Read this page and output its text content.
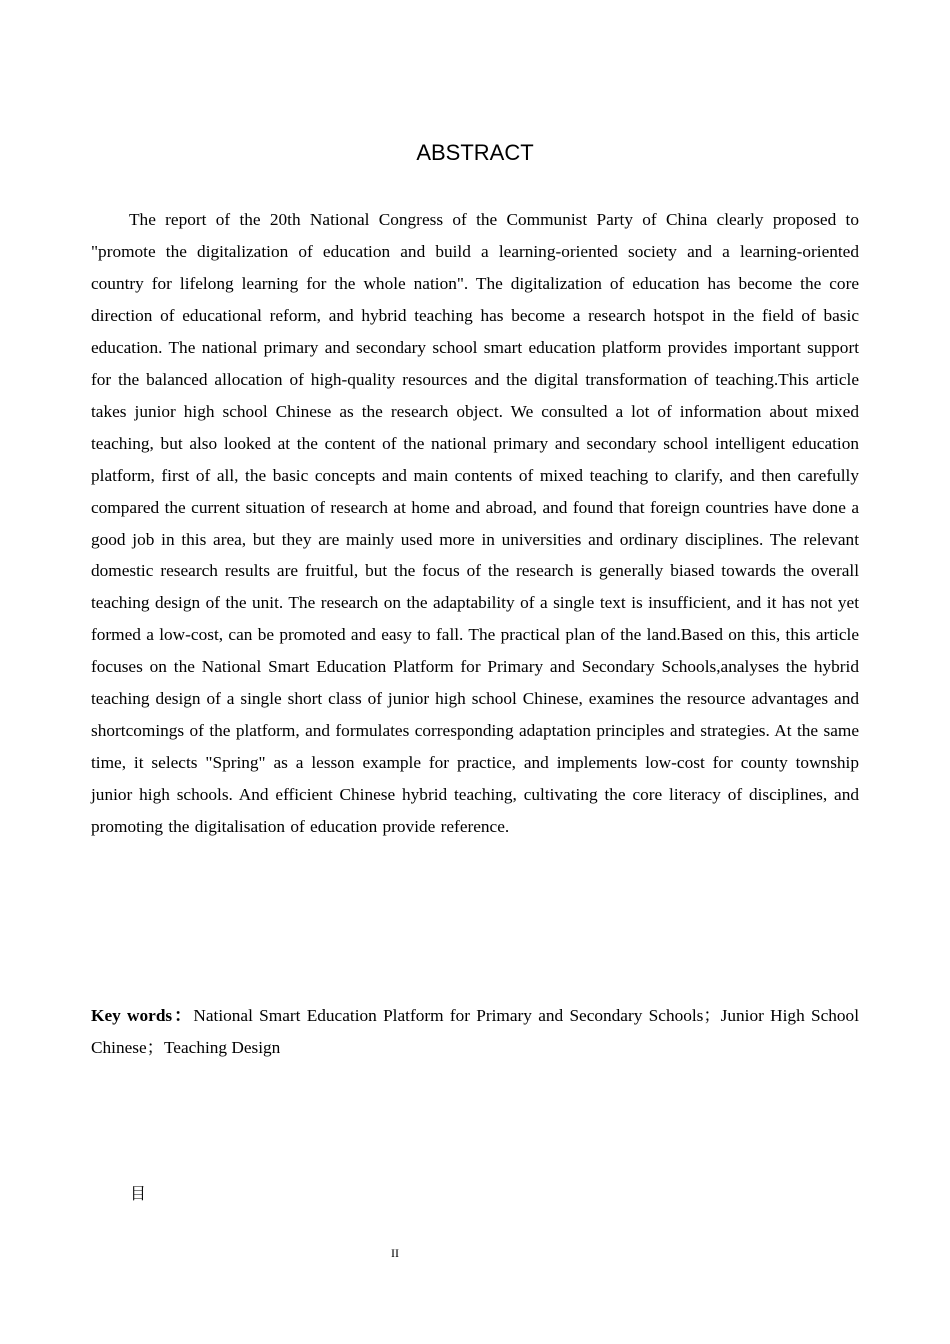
ABSTRACT

The report of the 20th National Congress of the Communist Party of China clearly proposed to "promote the digitalization of education and build a learning-oriented society and a learning-oriented country for lifelong learning for the whole nation". The digitalization of education has become the core direction of educational reform, and hybrid teaching has become a research hotspot in the field of basic education. The national primary and secondary school smart education platform provides important support for the balanced allocation of high-quality resources and the digital transformation of teaching.This article takes junior high school Chinese as the research object. We consulted a lot of information about mixed teaching, but also looked at the content of the national primary and secondary school intelligent education platform, first of all, the basic concepts and main contents of mixed teaching to clarify, and then carefully compared the current situation of research at home and abroad, and found that foreign countries have done a good job in this area, but they are mainly used more in universities and ordinary disciplines. The relevant domestic research results are fruitful, but the focus of the research is generally biased towards the overall teaching design of the unit. The research on the adaptability of a single text is insufficient, and it has not yet formed a low-cost, can be promoted and easy to fall. The practical plan of the land.Based on this, this article focuses on the National Smart Education Platform for Primary and Secondary Schools,analyses the hybrid teaching design of a single short class of junior high school Chinese, examines the resource advantages and shortcomings of the platform, and formulates corresponding adaptation principles and strategies. At the same time, it selects "Spring" as a lesson example for practice, and implements low-cost for county township junior high schools. And efficient Chinese hybrid teaching, cultivating the core literacy of disciplines, and promoting the digitalisation of education provide reference.

Key words：National Smart Education Platform for Primary and Secondary Schools；Junior High School Chinese；Teaching Design

目
II
